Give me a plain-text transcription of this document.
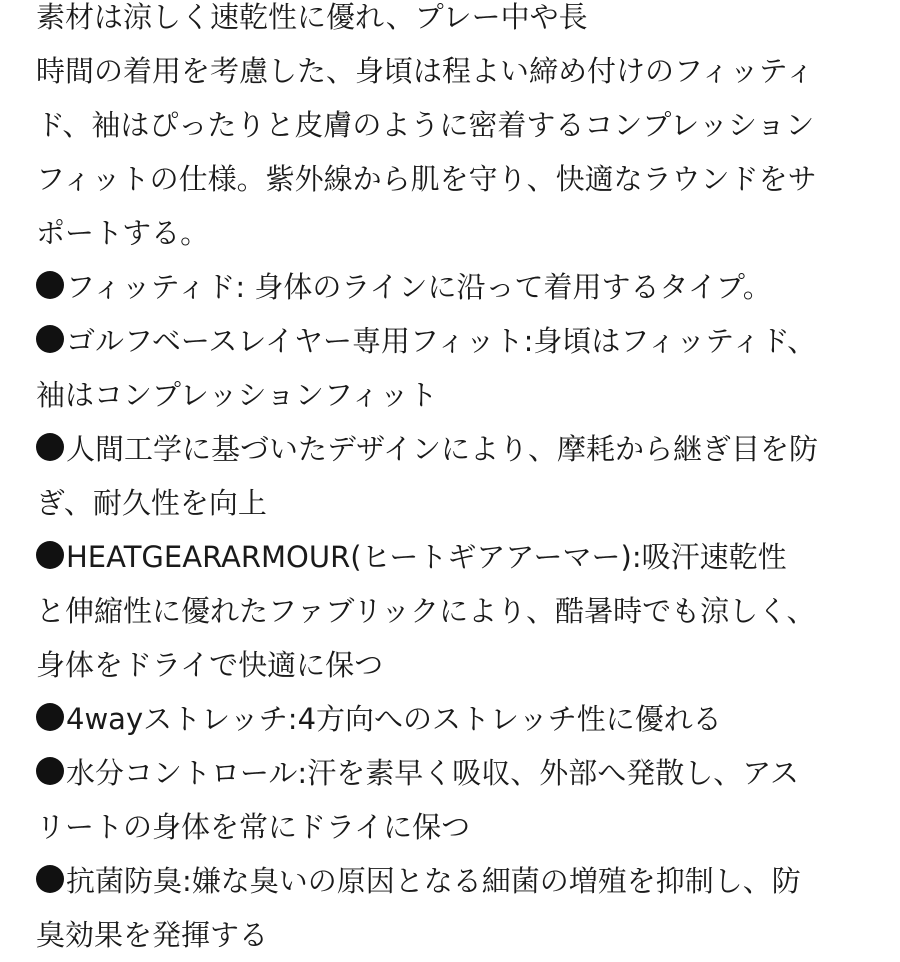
素材は涼しく速乾性に優れ、プレー中や長
時間の着用を考慮した、身頃は程よい締め付けのフィッティ
ド、袖はぴったりと皮膚のように密着するコンプレッション
フィットの仕様。紫外線から肌を守り、快適なラウンドをサ
ポートする。
フィッティド: 身体のラインに沿って着用するタイプ。
ゴルフベースレイヤー専用フィット:身頃はフィッティド、
袖はコンプレッションフィット
人間工学に基づいたデザインにより、摩耗から継ぎ目を防
ぎ、耐久性を向上
HEATGEARARMOUR(ヒートギアアーマー):吸汗速乾性
と伸縮性に優れたファブリックにより、酷暑時でも涼しく、
身体をドライで快適に保つ
4wayストレッチ:4方向へのストレッチ性に優れる
水分コントロール:汗を素早く吸収、外部へ発散し、アス
リートの身体を常にドライに保つ
抗菌防臭:嫌な臭いの原因となる細菌の増殖を抑制し、防
臭効果を発揮する
